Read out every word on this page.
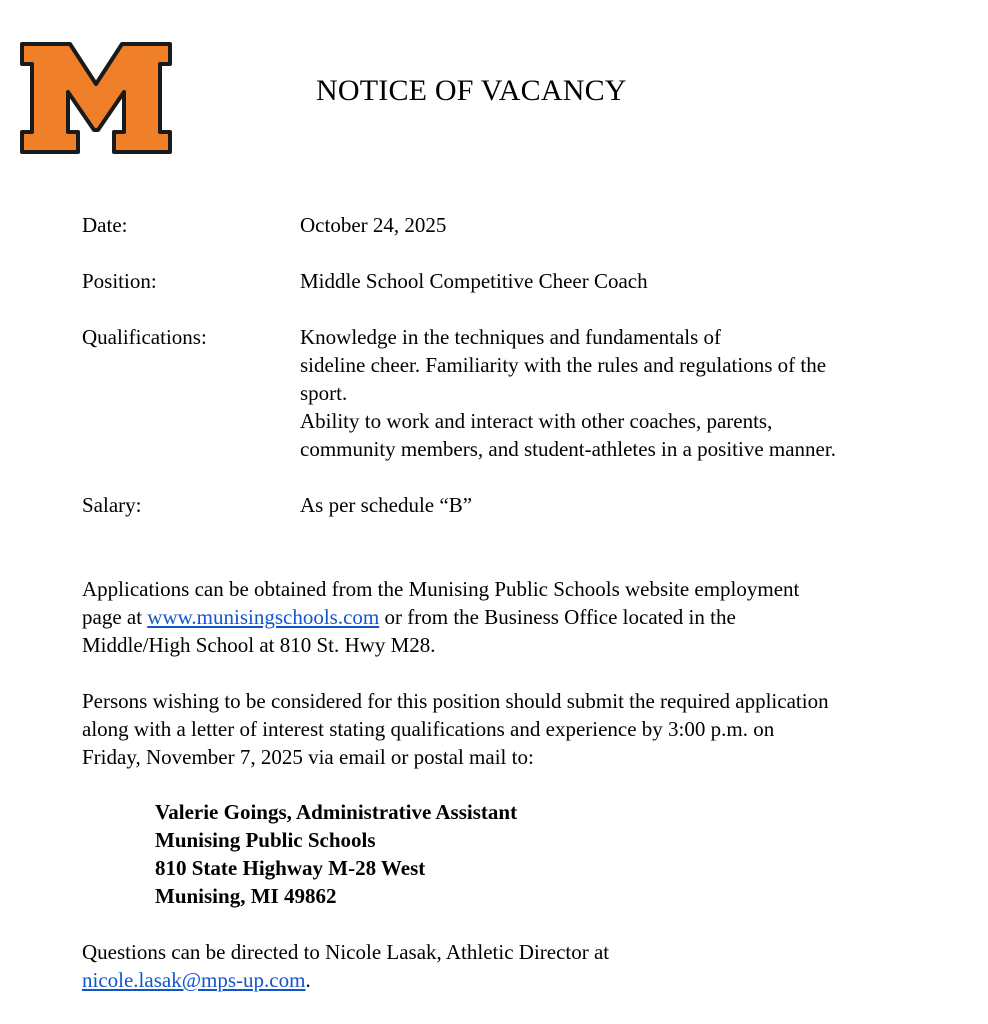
NOTICE OF VACANCY
Date:	October 24, 2025
Position:	Middle School Competitive Cheer Coach
Qualifications:	Knowledge in the techniques and fundamentals of
sideline cheer. Familiarity with the rules and regulations of the
sport.
Ability to work and interact with other coaches, parents,
community members, and student-athletes in a positive manner.
Salary:	As per schedule “B”
Applications can be obtained from the Munising Public Schools website employment
page at www.munisingschools.com or from the Business Office located in the
Middle/High School at 810 St. Hwy M28.
Persons wishing to be considered for this position should submit the required application
along with a letter of interest stating qualifications and experience by 3:00 p.m. on
Friday, November 7, 2025 via email or postal mail to:
Valerie Goings, Administrative Assistant
Munising Public Schools
810 State Highway M-28 West
Munising, MI 49862
Questions can be directed to Nicole Lasak, Athletic Director at
nicole.lasak@mps-up.com.
